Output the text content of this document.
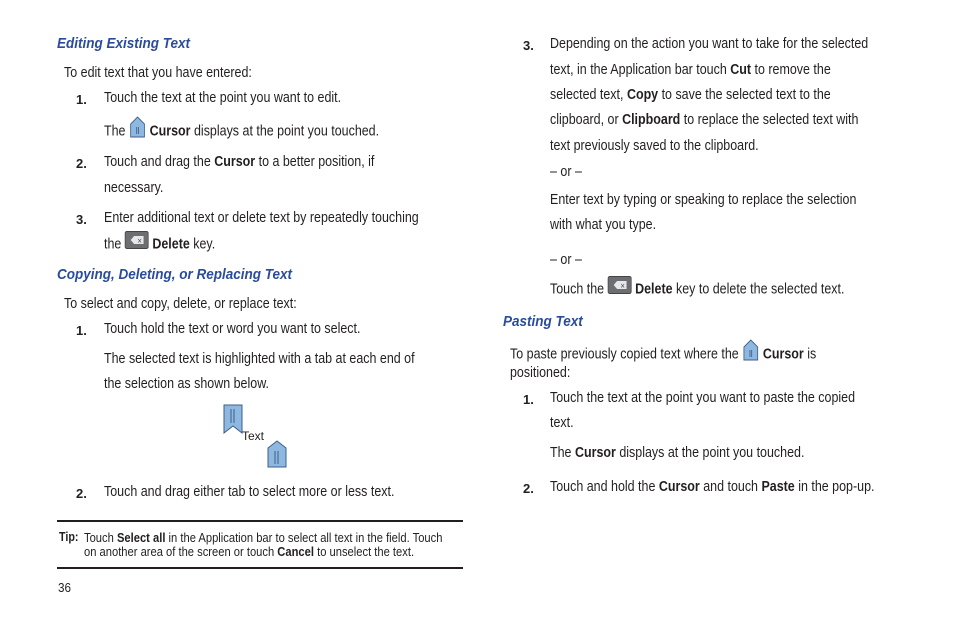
Editing Existing Text
To edit text that you have entered:
1. Touch the text at the point you want to edit.
The Cursor displays at the point you touched.
2. Touch and drag the Cursor to a better position, if
necessary.
3. Enter additional text or delete text by repeatedly touching
the × Delete key.
Copying, Deleting, or Replacing Text
To select and copy, delete, or replace text:
1. Touch hold the text or word you want to select.
The selected text is highlighted with a tab at each end of
the selection as shown below.
Text
2. Touch and drag either tab to select more or less text.
Tip: Touch Select all in the Application bar to select all text in the field. Touch
on another area of the screen or touch Cancel to unselect the text.
36
3. Depending on the action you want to take for the selected
text, in the Application bar touch Cut to remove the
selected text, Copy to save the selected text to the
clipboard, or Clipboard to replace the selected text with
text previously saved to the clipboard.
– or –
Enter text by typing or speaking to replace the selection
with what you type.
– or –
Touch the × Delete key to delete the selected text.
Pasting Text
To paste previously copied text where the Cursor is
positioned:
1. Touch the text at the point you want to paste the copied
text.
The Cursor displays at the point you touched.
2. Touch and hold the Cursor and touch Paste in the pop-up.
